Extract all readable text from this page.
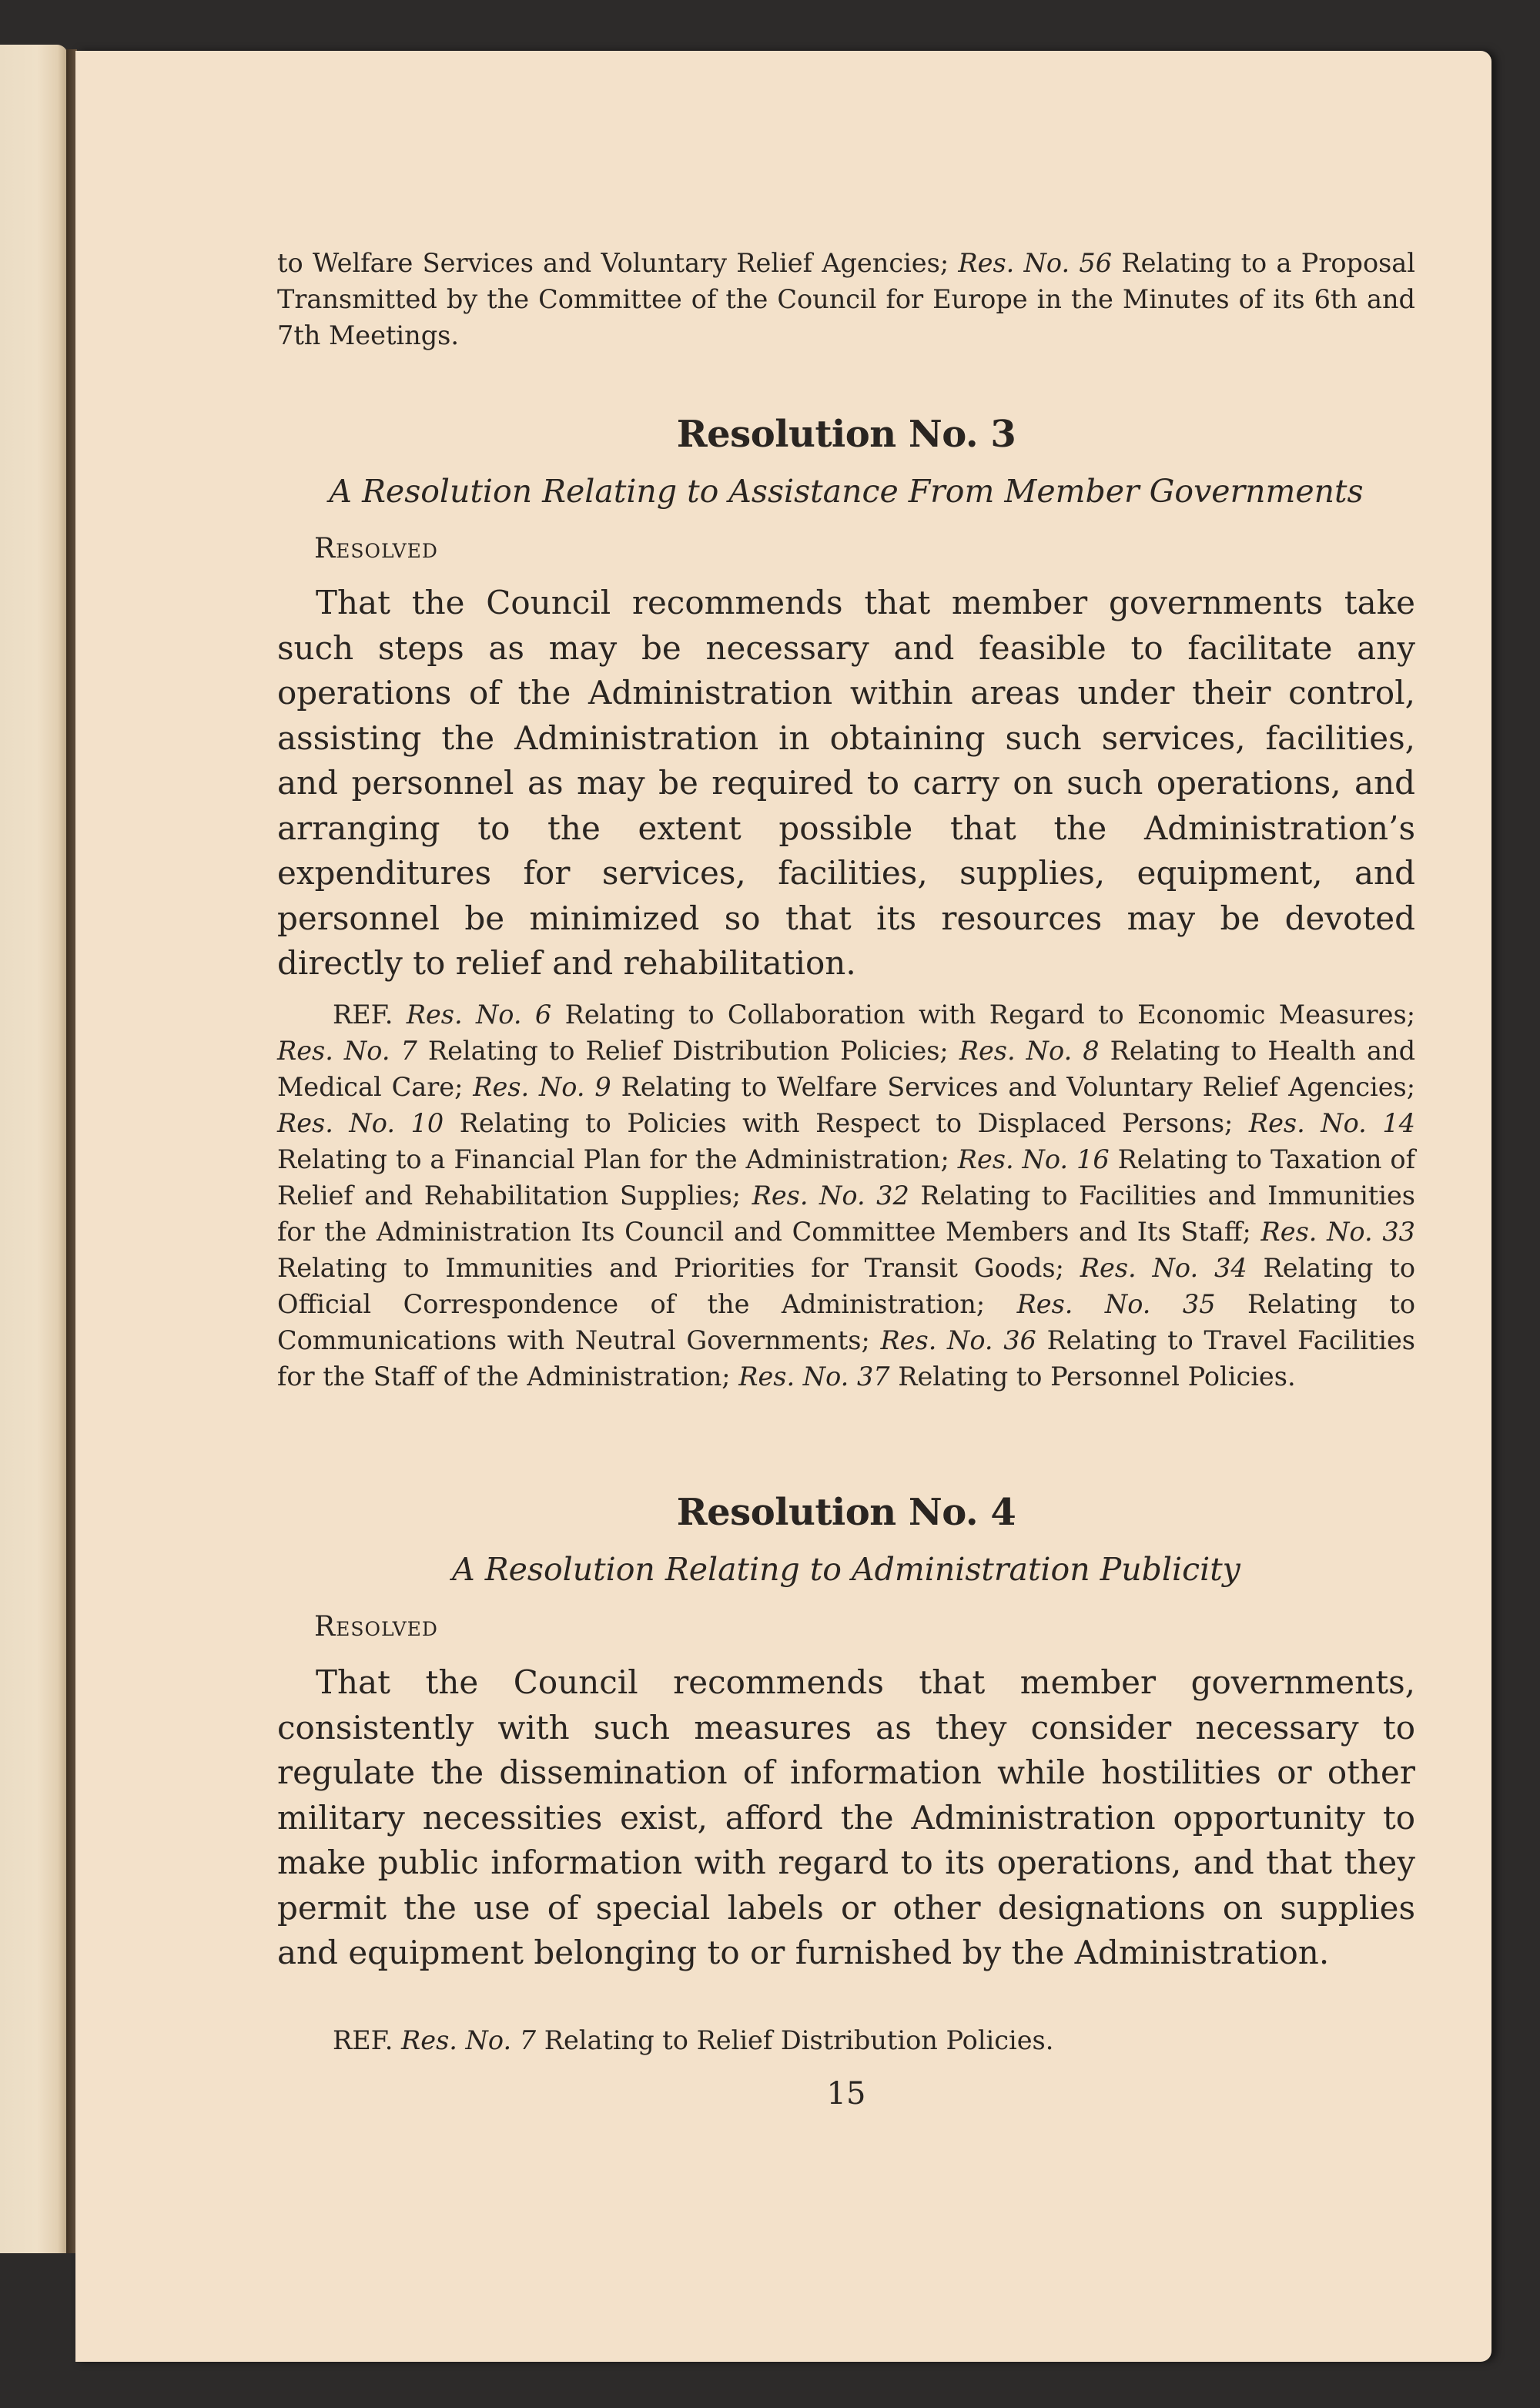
to Welfare Services and Voluntary Relief Agencies; Res. No. 56 Relating to a Proposal Transmitted by the Committee of the Council for Europe in the Minutes of its 6th and 7th Meetings.

Resolution No. 3
A Resolution Relating to Assistance From Member Governments
Resolved

That the Council recommends that member governments take such steps as may be necessary and feasible to facilitate any operations of the Administration within areas under their control, assisting the Administration in obtaining such services, facilities, and personnel as may be required to carry on such operations, and arranging to the extent possible that the Administration’s expenditures for services, facilities, supplies, equipment, and personnel be minimized so that its resources may be devoted directly to relief and rehabilitation.

REF. Res. No. 6 Relating to Collaboration with Regard to Economic Measures; Res. No. 7 Relating to Relief Distribution Policies; Res. No. 8 Relating to Health and Medical Care; Res. No. 9 Relating to Welfare Services and Voluntary Relief Agencies; Res. No. 10 Relating to Policies with Respect to Displaced Persons; Res. No. 14 Relating to a Financial Plan for the Administration; Res. No. 16 Relating to Taxation of Relief and Rehabilitation Supplies; Res. No. 32 Relating to Facilities and Immunities for the Administration Its Council and Committee Members and Its Staff; Res. No. 33 Relating to Immunities and Priorities for Transit Goods; Res. No. 34 Relating to Official Correspondence of the Administration; Res. No. 35 Relating to Communications with Neutral Governments; Res. No. 36 Relating to Travel Facilities for the Staff of the Administration; Res. No. 37 Relating to Personnel Policies.

Resolution No. 4
A Resolution Relating to Administration Publicity
Resolved

That the Council recommends that member governments, consistently with such measures as they consider necessary to regulate the dissemination of information while hostilities or other military necessities exist, afford the Administration opportunity to make public information with regard to its operations, and that they permit the use of special labels or other designations on supplies and equipment belonging to or furnished by the Administration.

REF. Res. No. 7 Relating to Relief Distribution Policies.

15
